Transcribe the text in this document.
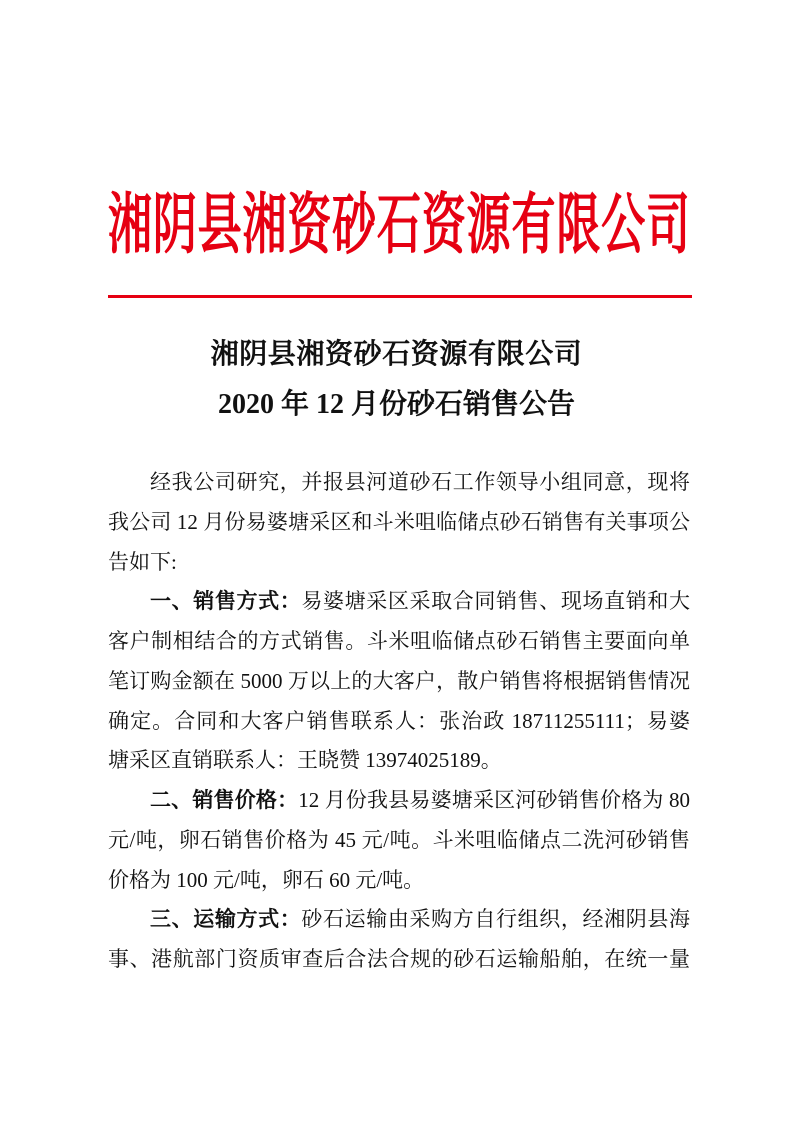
湘阴县湘资砂石资源有限公司
湘阴县湘资砂石资源有限公司
2020 年 12 月份砂石销售公告
经我公司研究，并报县河道砂石工作领导小组同意，现将
我公司 12 月份易婆塘采区和斗米咀临储点砂石销售有关事项公
告如下:
一、销售方式：易婆塘采区采取合同销售、现场直销和大
客户制相结合的方式销售。斗米咀临储点砂石销售主要面向单
笔订购金额在 5000 万以上的大客户，散户销售将根据销售情况
确定。合同和大客户销售联系人：张治政 18711255111；易婆
塘采区直销联系人：王晓赞 13974025189。
二、销售价格：12 月份我县易婆塘采区河砂销售价格为 80
元/吨，卵石销售价格为 45 元/吨。斗米咀临储点二洗河砂销售
价格为 100 元/吨，卵石 60 元/吨。
三、运输方式：砂石运输由采购方自行组织，经湘阴县海
事、港航部门资质审查后合法合规的砂石运输船舶，在统一量
